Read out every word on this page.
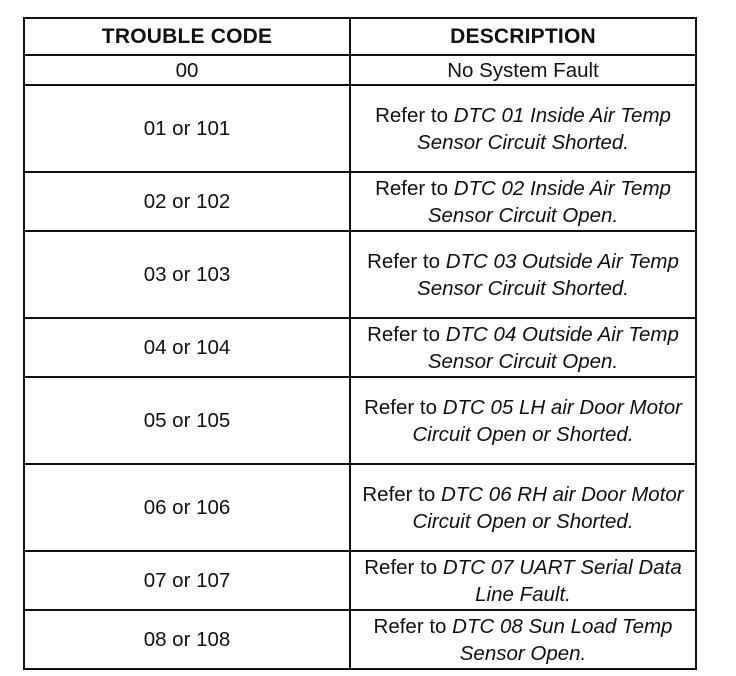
TROUBLE CODE	DESCRIPTION
00	No System Fault
01 or 101	Refer to DTC 01 Inside Air Temp Sensor Circuit Shorted.
02 or 102	Refer to DTC 02 Inside Air Temp Sensor Circuit Open.
03 or 103	Refer to DTC 03 Outside Air Temp Sensor Circuit Shorted.
04 or 104	Refer to DTC 04 Outside Air Temp Sensor Circuit Open.
05 or 105	Refer to DTC 05 LH air Door Motor Circuit Open or Shorted.
06 or 106	Refer to DTC 06 RH air Door Motor Circuit Open or Shorted.
07 or 107	Refer to DTC 07 UART Serial Data Line Fault.
08 or 108	Refer to DTC 08 Sun Load Temp Sensor Open.
